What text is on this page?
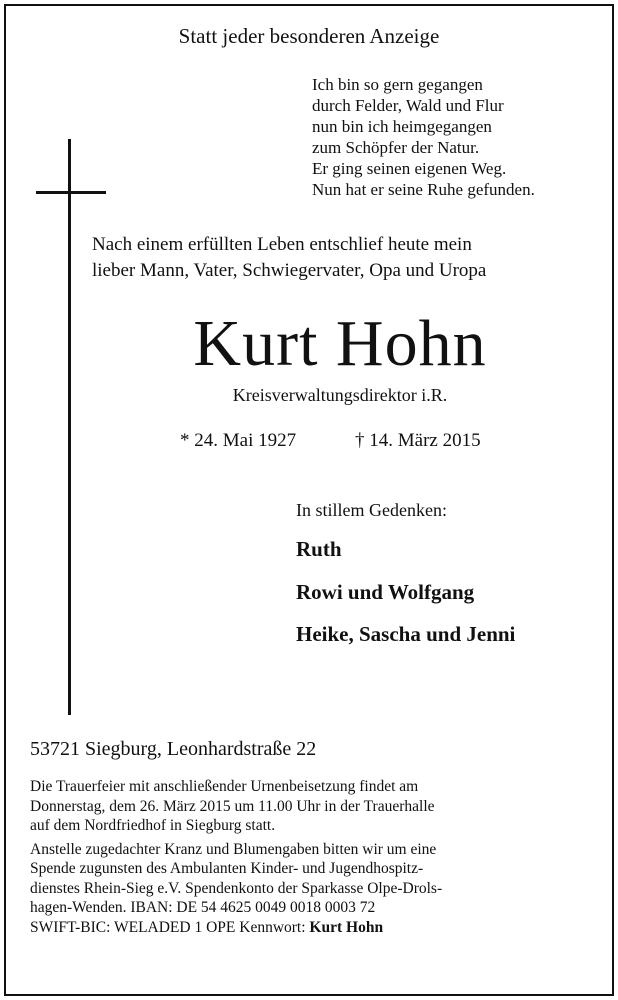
Statt jeder besonderen Anzeige
Ich bin so gern gegangen
durch Felder, Wald und Flur
nun bin ich heimgegangen
zum Schöpfer der Natur.
Er ging seinen eigenen Weg.
Nun hat er seine Ruhe gefunden.
Nach einem erfüllten Leben entschlief heute mein
lieber Mann, Vater, Schwiegervater, Opa und Uropa
Kurt Hohn
Kreisverwaltungsdirektor i.R.
* 24. Mai 1927	† 14. März 2015
In stillem Gedenken:
Ruth
Rowi und Wolfgang
Heike, Sascha und Jenni
53721 Siegburg, Leonhardstraße 22
Die Trauerfeier mit anschließender Urnenbeisetzung findet am
Donnerstag, dem 26. März 2015 um 11.00 Uhr in der Trauerhalle
auf dem Nordfriedhof in Siegburg statt.
Anstelle zugedachter Kranz und Blumengaben bitten wir um eine
Spende zugunsten des Ambulanten Kinder- und Jugendhospitz-
dienstes Rhein-Sieg e.V. Spendenkonto der Sparkasse Olpe-Drols-
hagen-Wenden. IBAN: DE 54 4625 0049 0018 0003 72
SWIFT-BIC: WELADED 1 OPE Kennwort: Kurt Hohn
